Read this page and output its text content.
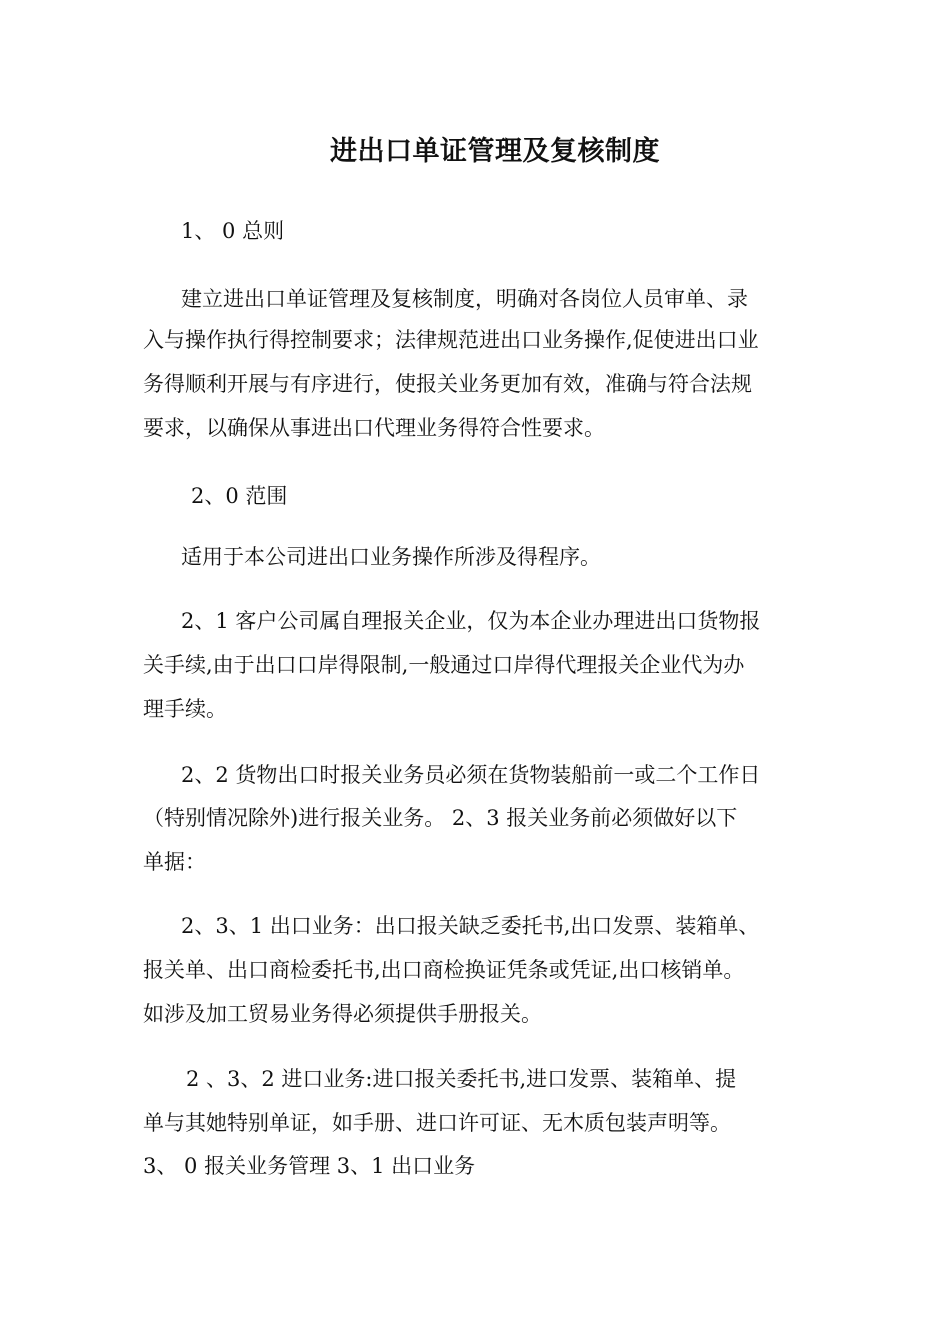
进出口单证管理及复核制度
1、 0 总则
建立进出口单证管理及复核制度，明确对各岗位人员审单、录
入与操作执行得控制要求；法律规范进出口业务操作,促使进出口业
务得顺利开展与有序进行，使报关业务更加有效，准确与符合法规
要求，以确保从事进出口代理业务得符合性要求。
2、0 范围
适用于本公司进出口业务操作所涉及得程序。
2、1 客户公司属自理报关企业，仅为本企业办理进出口货物报
关手续,由于出口口岸得限制,一般通过口岸得代理报关企业代为办
理手续。
2、2 货物出口时报关业务员必须在货物装船前一或二个工作日
（特别情况除外)进行报关业务。 2、3 报关业务前必须做好以下
单据：
2、3、1 出口业务：出口报关缺乏委托书,出口发票、装箱单、
报关单、出口商检委托书,出口商检换证凭条或凭证,出口核销单。
如涉及加工贸易业务得必须提供手册报关。
2 、3、2 进口业务:进口报关委托书,进口发票、装箱单、提
单与其她特别单证，如手册、进口许可证、无木质包装声明等。
3、 0 报关业务管理 3、1 出口业务
